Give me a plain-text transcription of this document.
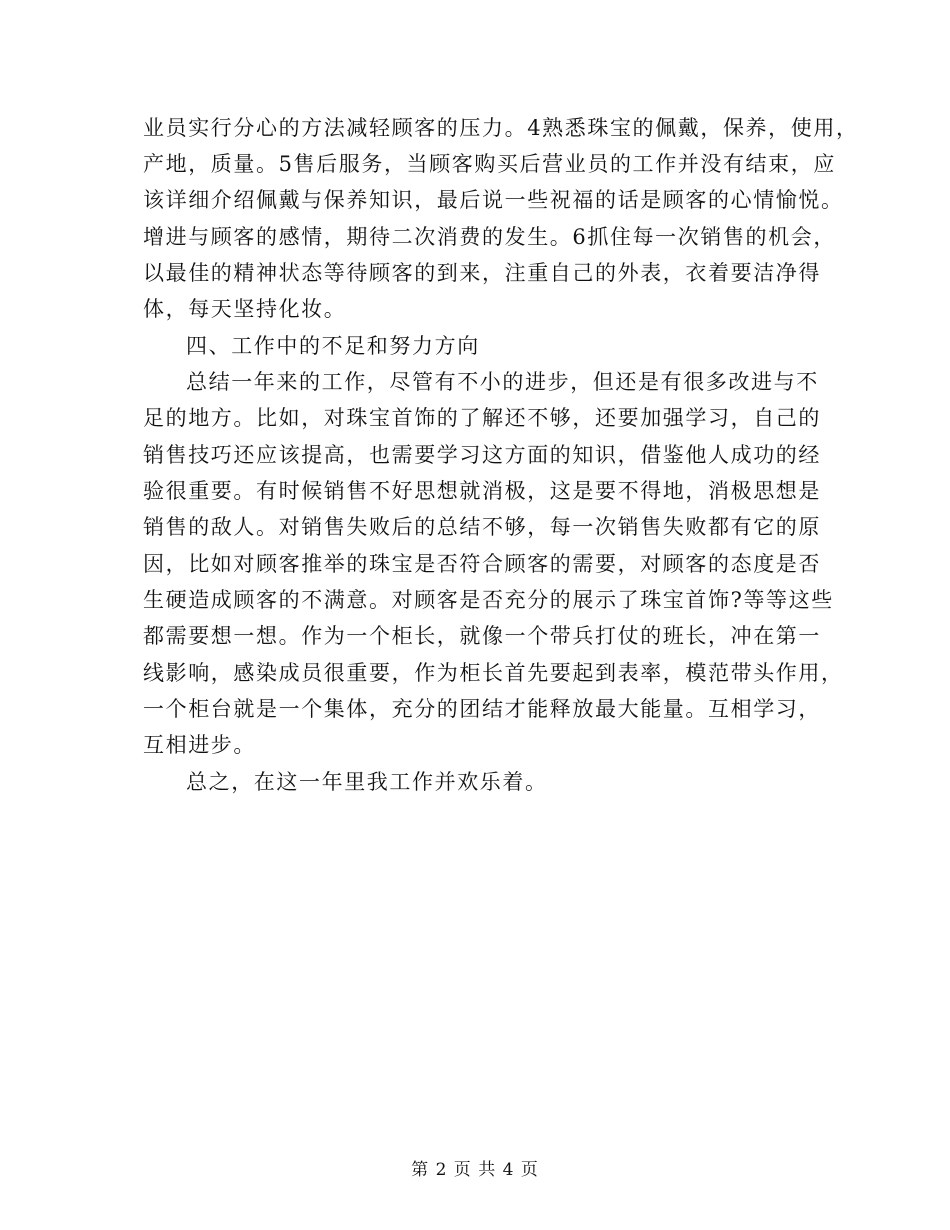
业员实行分心的方法减轻顾客的压力。4熟悉珠宝的佩戴，保养，使用，
产地，质量。5售后服务，当顾客购买后营业员的工作并没有结束，应
该详细介绍佩戴与保养知识，最后说一些祝福的话是顾客的心情愉悦。
增进与顾客的感情，期待二次消费的发生。6抓住每一次销售的机会，
以最佳的精神状态等待顾客的到来，注重自己的外表，衣着要洁净得
体，每天坚持化妆。
四、工作中的不足和努力方向
总结一年来的工作，尽管有不小的进步，但还是有很多改进与不
足的地方。比如，对珠宝首饰的了解还不够，还要加强学习，自己的
销售技巧还应该提高，也需要学习这方面的知识，借鉴他人成功的经
验很重要。有时候销售不好思想就消极，这是要不得地，消极思想是
销售的敌人。对销售失败后的总结不够，每一次销售失败都有它的原
因，比如对顾客推举的珠宝是否符合顾客的需要，对顾客的态度是否
生硬造成顾客的不满意。对顾客是否充分的展示了珠宝首饰?等等这些
都需要想一想。作为一个柜长，就像一个带兵打仗的班长，冲在第一
线影响，感染成员很重要，作为柜长首先要起到表率，模范带头作用，
一个柜台就是一个集体，充分的团结才能释放最大能量。互相学习，
互相进步。
总之，在这一年里我工作并欢乐着。
第 2 页 共 4 页
